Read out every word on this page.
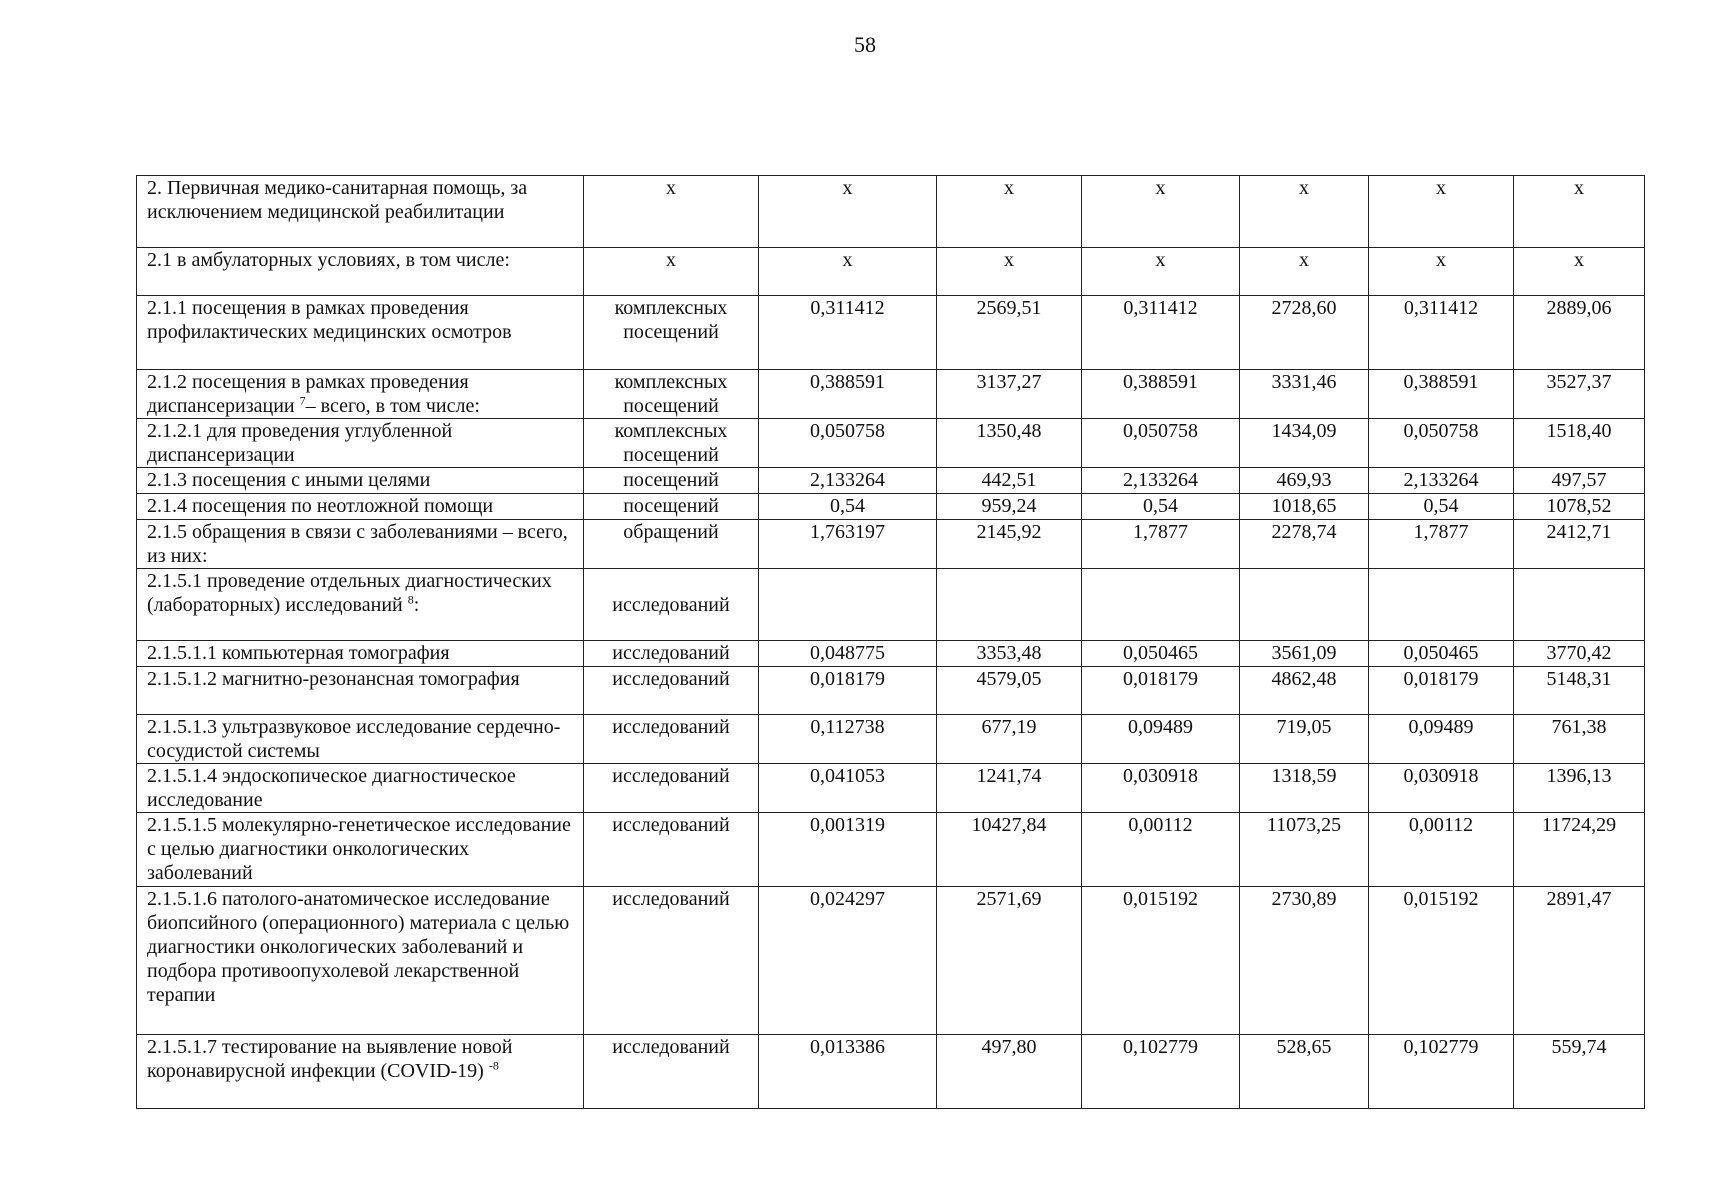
58
2. Первичная медико-санитарная помощь, за исключением медицинской реабилитации	х	х	х	х	х	х	х
2.1 в амбулаторных условиях, в том числе:	х	х	х	х	х	х	х
2.1.1 посещения в рамках проведения профилактических медицинских осмотров	комплексных посещений	0,311412	2569,51	0,311412	2728,60	0,311412	2889,06
2.1.2 посещения в рамках проведения диспансеризации $^7$– всего, в том числе:	комплексных посещений	0,388591	3137,27	0,388591	3331,46	0,388591	3527,37
2.1.2.1 для проведения углубленной диспансеризации	комплексных посещений	0,050758	1350,48	0,050758	1434,09	0,050758	1518,40
2.1.3 посещения с иными целями	посещений	2,133264	442,51	2,133264	469,93	2,133264	497,57
2.1.4 посещения по неотложной помощи	посещений	0,54	959,24	0,54	1018,65	0,54	1078,52
2.1.5 обращения в связи с заболеваниями – всего, из них:	обращений	1,763197	2145,92	1,7877	2278,74	1,7877	2412,71
2.1.5.1 проведение отдельных диагностических (лабораторных) исследований $^8$:	исследований						
2.1.5.1.1 компьютерная томография	исследований	0,048775	3353,48	0,050465	3561,09	0,050465	3770,42
2.1.5.1.2 магнитно-резонансная томография	исследований	0,018179	4579,05	0,018179	4862,48	0,018179	5148,31
2.1.5.1.3 ультразвуковое исследование сердечно-сосудистой системы	исследований	0,112738	677,19	0,09489	719,05	0,09489	761,38
2.1.5.1.4 эндоскопическое диагностическое исследование	исследований	0,041053	1241,74	0,030918	1318,59	0,030918	1396,13
2.1.5.1.5 молекулярно-генетическое исследование с целью диагностики онкологических заболеваний	исследований	0,001319	10427,84	0,00112	11073,25	0,00112	11724,29
2.1.5.1.6 патолого-анатомическое исследование биопсийного (операционного) материала с целью диагностики онкологических заболеваний и подбора противоопухолевой лекарственной терапии	исследований	0,024297	2571,69	0,015192	2730,89	0,015192	2891,47
2.1.5.1.7 тестирование на выявление новой коронавирусной инфекции (COVID-19) $^{-8}$	исследований	0,013386	497,80	0,102779	528,65	0,102779	559,74
